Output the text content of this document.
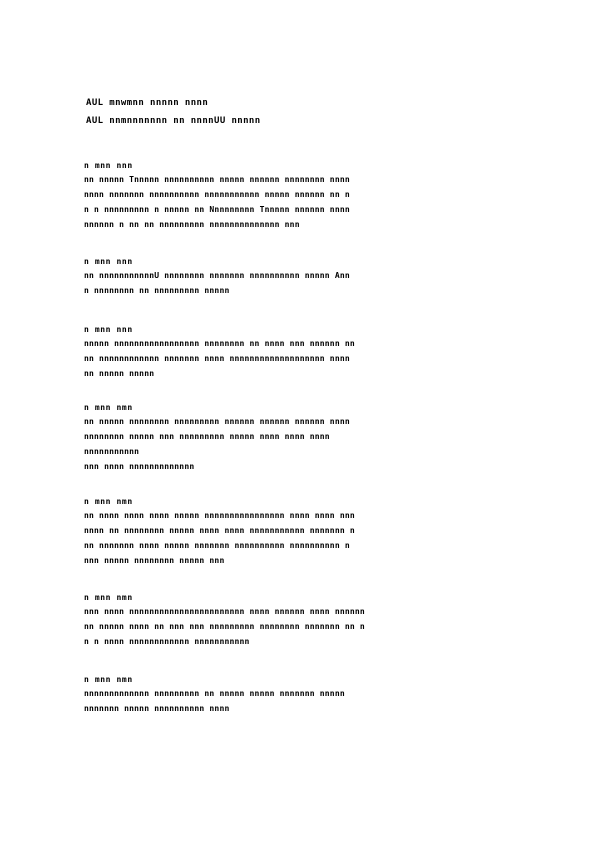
AUL mnwmnn nnnnn nnnn
AUL nnmnnnnnnn nn nnnnUU nnnnn
n mnn nnn
nn nnnnn Tnnnnn nnnnnnnnnn nnnnn nnnnnn nnnnnnnn nnnn
nnnn nnnnnnn nnnnnnnnnn nnnnnnnnnnn nnnnn nnnnnn nn n
n n nnnnnnnnn n nnnnn nn Nnnnnnnnn Tnnnnn nnnnnn nnnn
nnnnnn n nn nn nnnnnnnnn nnnnnnnnnnnnnn nnn
n mnn nnn
nn nnnnnnnnnnnU nnnnnnnn nnnnnnn nnnnnnnnnn nnnnn Ann
n nnnnnnnn nn nnnnnnnnn nnnnn
n mnn nnn
nnnnn nnnnnnnnnnnnnnnnn nnnnnnnn nn nnnn nnn nnnnnn nn
nn nnnnnnnnnnnn nnnnnnn nnnn nnnnnnnnnnnnnnnnnnn nnnn
nn nnnnn nnnnn
n mnn nmn
nn nnnnn nnnnnnnn nnnnnnnnn nnnnnn nnnnnn nnnnnn nnnn
nnnnnnnn nnnnn nnn nnnnnnnnn nnnnn nnnn nnnn nnnn
nnnnnnnnnnn
nnn nnnn nnnnnnnnnnnnn
n mnn nmn
nn nnnn nnnn nnnn nnnnn nnnnnnnnnnnnnnnn nnnn nnnn nnn
nnnn nn nnnnnnnn nnnnn nnnn nnnn nnnnnnnnnnn nnnnnnn n
nn nnnnnnn nnnn nnnnn nnnnnnn nnnnnnnnnn nnnnnnnnnn n
nnn nnnnn nnnnnnnn nnnnn nnn
n mnn nmn
nnn nnnn nnnnnnnnnnnnnnnnnnnnnnn nnnn nnnnnn nnnn nnnnnn
nn nnnnn nnnn nn nnn nnn nnnnnnnnn nnnnnnnn nnnnnnn nn n
n n nnnn nnnnnnnnnnnn nnnnnnnnnnn
n mnn nmn
nnnnnnnnnnnnn nnnnnnnnn nn nnnnn nnnnn nnnnnnn nnnnn
nnnnnnn nnnnn nnnnnnnnnn nnnn
